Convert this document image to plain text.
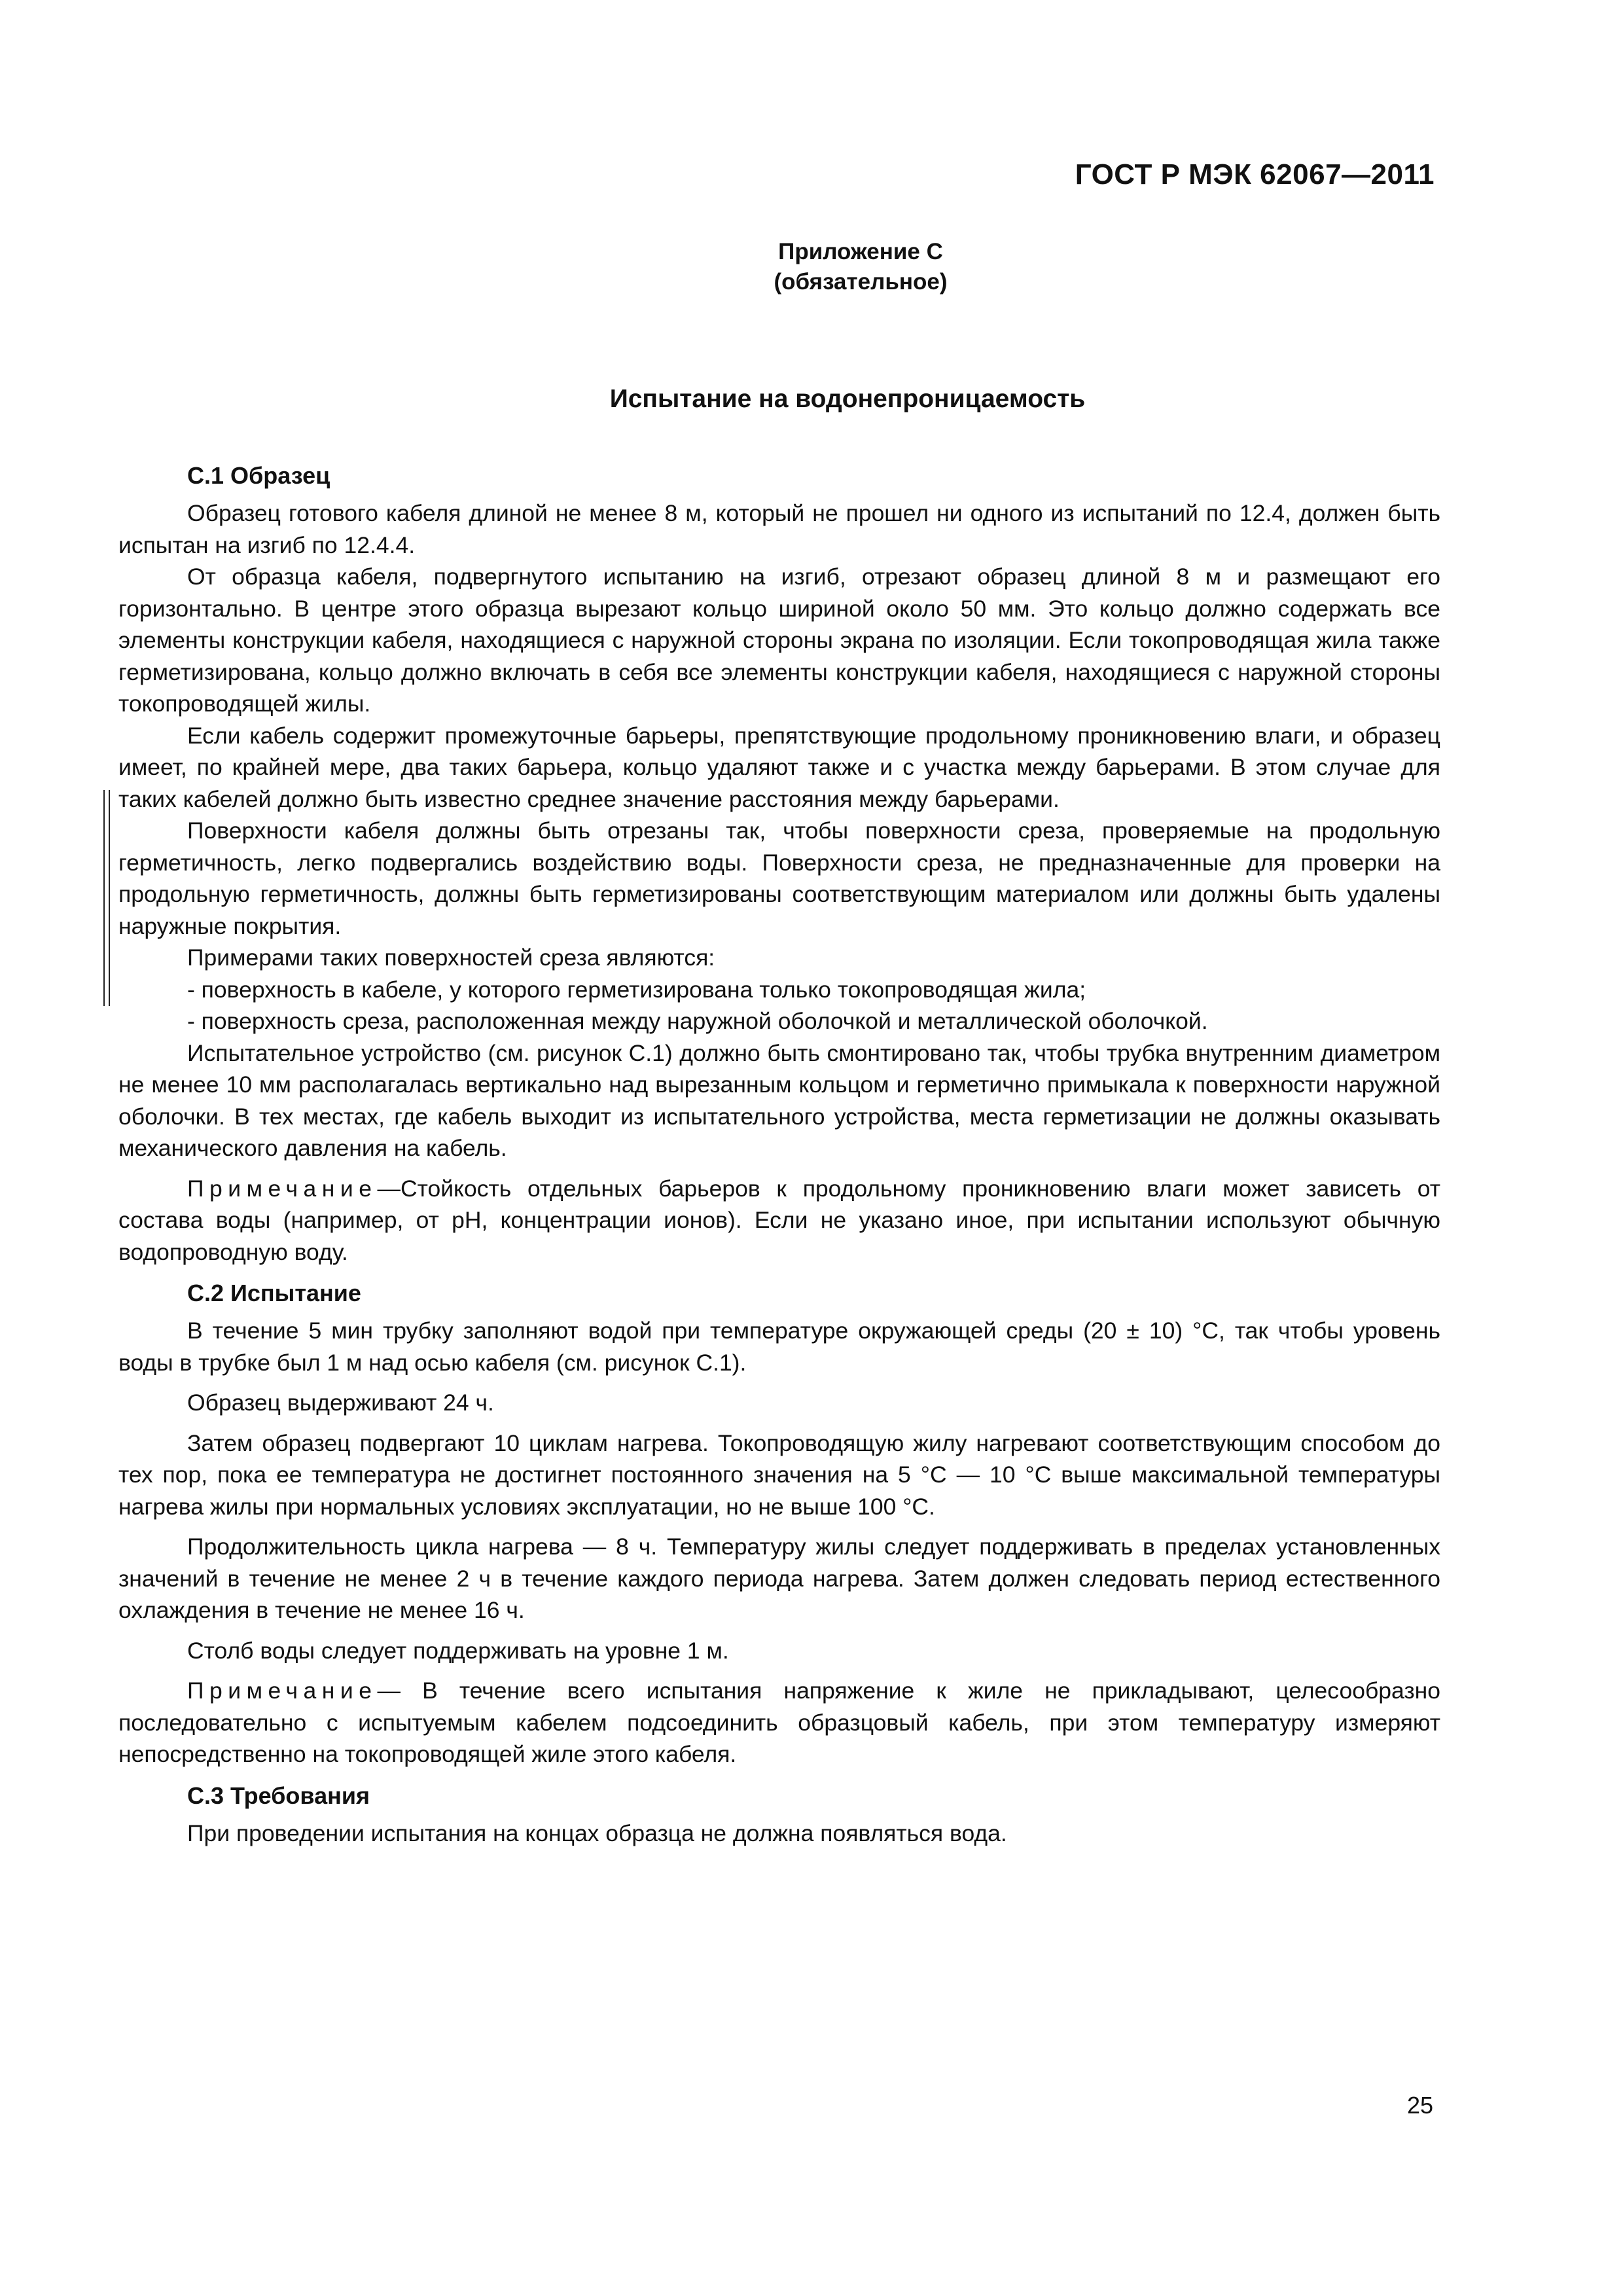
ГОСТ Р МЭК 62067—2011
Приложение С
(обязательное)
Испытание на водонепроницаемость
С.1 Образец

Образец готового кабеля длиной не менее 8 м, который не прошел ни одного из испытаний по 12.4, должен быть испытан на изгиб по 12.4.4.

От образца кабеля, подвергнутого испытанию на изгиб, отрезают образец длиной 8 м и размещают его горизонтально. В центре этого образца вырезают кольцо шириной около 50 мм. Это кольцо должно содержать все элементы конструкции кабеля, находящиеся с наружной стороны экрана по изоляции. Если токопроводящая жила также герметизирована, кольцо должно включать в себя все элементы конструкции кабеля, находящиеся с наружной стороны токопроводящей жилы.

Если кабель содержит промежуточные барьеры, препятствующие продольному проникновению влаги, и образец имеет, по крайней мере, два таких барьера, кольцо удаляют также и с участка между барьерами. В этом случае для таких кабелей должно быть известно среднее значение расстояния между барьерами.

Поверхности кабеля должны быть отрезаны так, чтобы поверхности среза, проверяемые на продольную герметичность, легко подвергались воздействию воды. Поверхности среза, не предназначенные для проверки на продольную герметичность, должны быть герметизированы соответствующим материалом или должны быть удалены наружные покрытия.

Примерами таких поверхностей среза являются:

- поверхность в кабеле, у которого герметизирована только токопроводящая жила;

- поверхность среза, расположенная между наружной оболочкой и металлической оболочкой.

Испытательное устройство (см. рисунок С.1) должно быть смонтировано так, чтобы трубка внутренним диаметром не менее 10 мм располагалась вертикально над вырезанным кольцом и герметично примыкала к поверхности наружной оболочки. В тех местах, где кабель выходит из испытательного устройства, места герметизации не должны оказывать механического давления на кабель.

Примечание—Стойкость отдельных барьеров к продольному проникновению влаги может зависеть от состава воды (например, от рН, концентрации ионов). Если не указано иное, при испытании используют обычную водопроводную воду.

С.2 Испытание

В течение 5 мин трубку заполняют водой при температуре окружающей среды (20 ± 10) °С, так чтобы уровень воды в трубке был 1 м над осью кабеля (см. рисунок С.1).

Образец выдерживают 24 ч.

Затем образец подвергают 10 циклам нагрева. Токопроводящую жилу нагревают соответствующим способом до тех пор, пока ее температура не достигнет постоянного значения на 5 °С — 10 °С выше максимальной температуры нагрева жилы при нормальных условиях эксплуатации, но не выше 100 °С.

Продолжительность цикла нагрева — 8 ч. Температуру жилы следует поддерживать в пределах установленных значений в течение не менее 2 ч в течение каждого периода нагрева. Затем должен следовать период естественного охлаждения в течение не менее 16 ч.

Столб воды следует поддерживать на уровне 1 м.

Примечание— В течение всего испытания напряжение к жиле не прикладывают, целесообразно последовательно с испытуемым кабелем подсоединить образцовый кабель, при этом температуру измеряют непосредственно на токопроводящей жиле этого кабеля.

С.3 Требования

При проведении испытания на концах образца не должна появляться вода.

25
